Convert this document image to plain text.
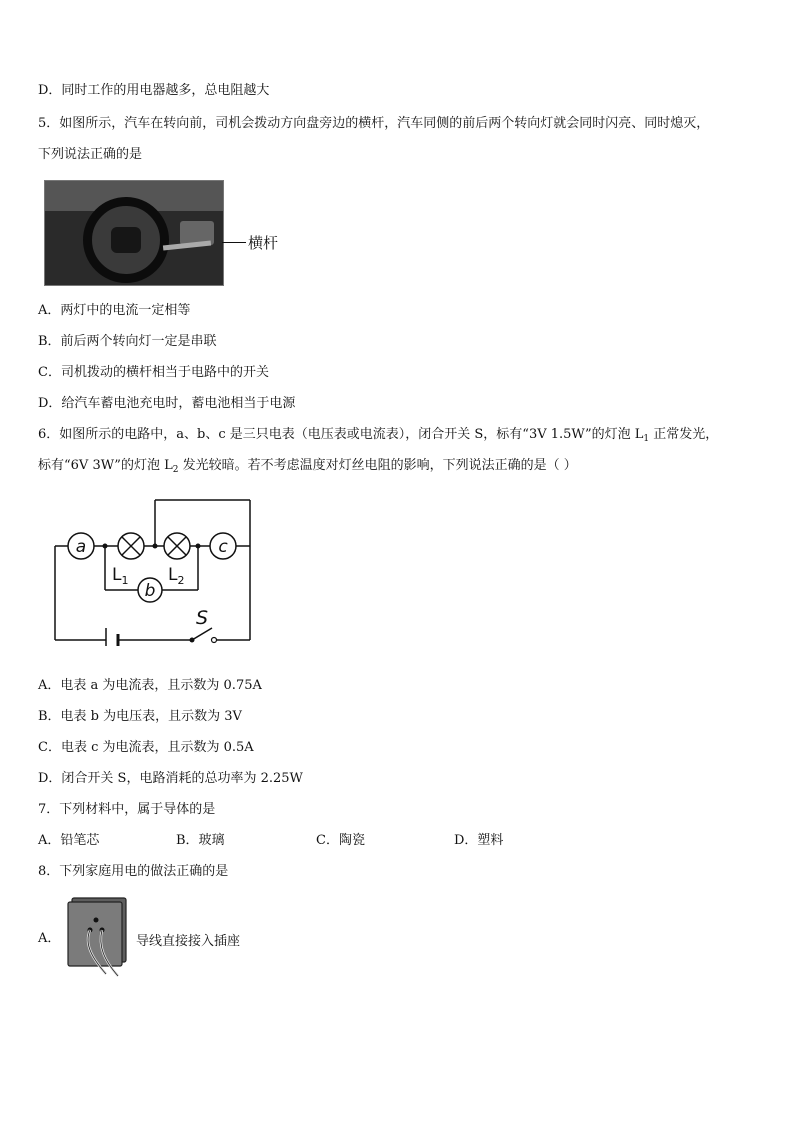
D．同时工作的用电器越多，总电阻越大
5．如图所示，汽车在转向前，司机会拨动方向盘旁边的横杆，汽车同侧的前后两个转向灯就会同时闪亮、同时熄灭，
下列说法正确的是
横杆
A．两灯中的电流一定相等
B．前后两个转向灯一定是串联
C．司机拨动的横杆相当于电路中的开关
D．给汽车蓄电池充电时，蓄电池相当于电源
6．如图所示的电路中，a、b、c 是三只电表（电压表或电流表），闭合开关 S，标有“3V 1.5W”的灯泡 $L_1$ 正常发光，
标有“6V 3W”的灯泡 $L_2$ 发光较暗。若不考虑温度对灯丝电阻的影响，下列说法正确的是（ ）
a	c
b
S
$L_1$ $L_2$
A．电表 a 为电流表，且示数为 0.75A
B．电表 b 为电压表，且示数为 3V
C．电表 c 为电流表，且示数为 0.5A
D．闭合开关 S，电路消耗的总功率为 2.25W
7．下列材料中，属于导体的是
A．铅笔芯	B．玻璃	C．陶瓷	D．塑料
8．下列家庭用电的做法正确的是
A．	导线直接接入插座
